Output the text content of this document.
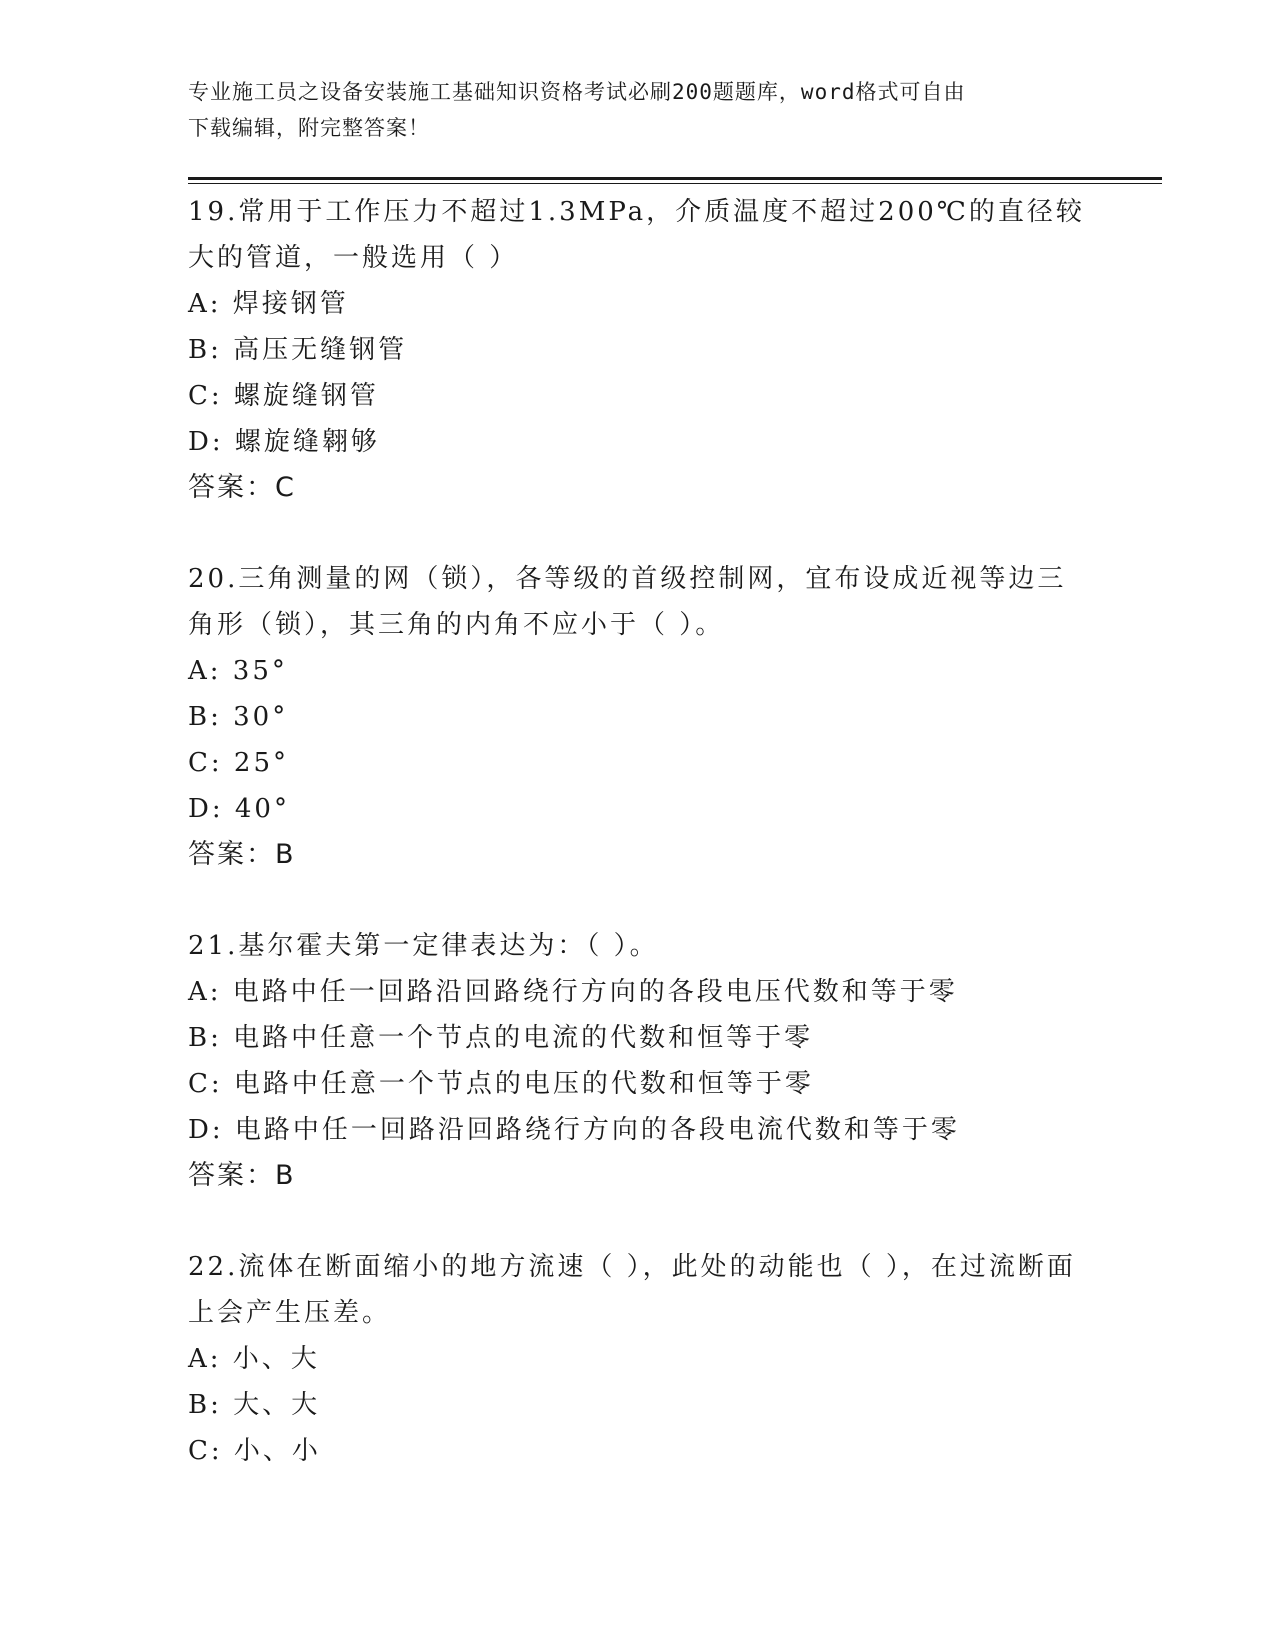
专业施工员之设备安装施工基础知识资格考试必刷200题题库，word格式可自由
下载编辑，附完整答案！
19.常用于工作压力不超过1.3MPa，介质温度不超过200℃的直径较大的管道，一般选用（ ）
A: 焊接钢管
B: 高压无缝钢管
C: 螺旋缝钢管
D: 螺旋缝翱够
答案：C
20.三角测量的网（锁），各等级的首级控制网，宜布设成近视等边三角形（锁），其三角的内角不应小于（ ）。
A: 35°
B: 30°
C: 25°
D: 40°
答案：B
21.基尔霍夫第一定律表达为：（ ）。
A: 电路中任一回路沿回路绕行方向的各段电压代数和等于零
B: 电路中任意一个节点的电流的代数和恒等于零
C: 电路中任意一个节点的电压的代数和恒等于零
D: 电路中任一回路沿回路绕行方向的各段电流代数和等于零
答案：B
22.流体在断面缩小的地方流速（ ），此处的动能也（ ），在过流断面上会产生压差。
A: 小、大
B: 大、大
C: 小、小
